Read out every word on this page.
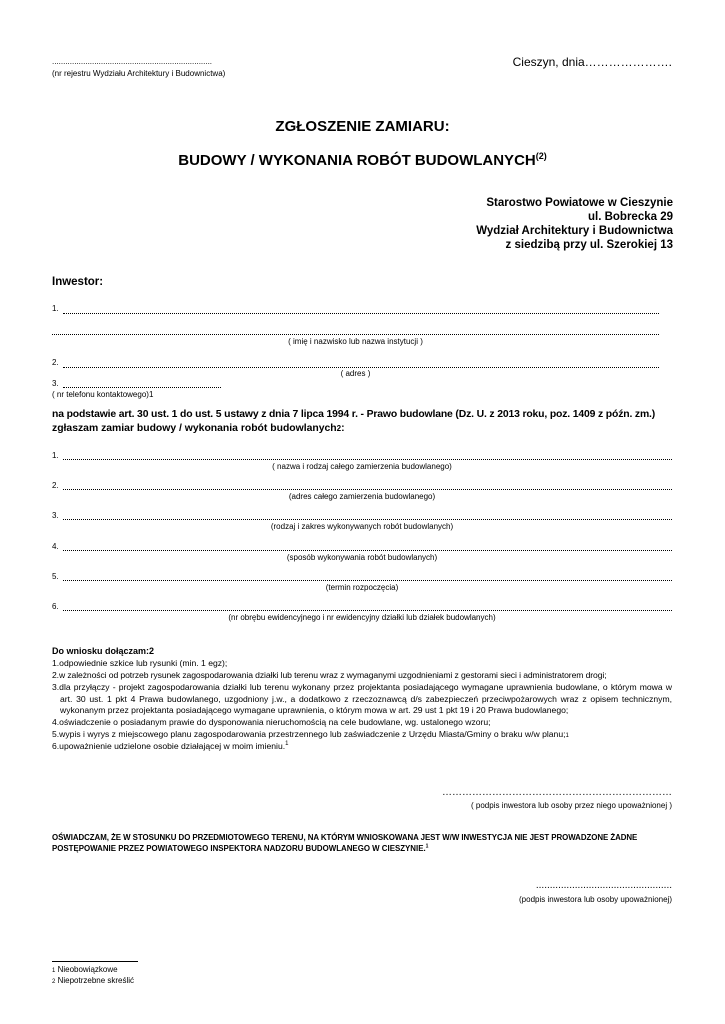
........................................................................
(nr rejestru Wydziału Architektury i Budownictwa)
Cieszyn, dnia………………….
ZGŁOSZENIE ZAMIARU:
BUDOWY / WYKONANIA ROBÓT BUDOWLANYCH$^{(2)}$
Starostwo Powiatowe w Cieszynie
ul. Bobrecka 29
Wydział Architektury i Budownictwa
z siedzibą przy ul. Szerokiej 13
Inwestor:
1.
( imię i nazwisko lub nazwa instytucji )
2.
( adres )
3.
( nr telefonu kontaktowego)1
na podstawie art. 30 ust. 1 do ust. 5 ustawy z dnia 7 lipca 1994 r. - Prawo budowlane (Dz. U. z 2013 roku, poz. 1409 z późn. zm.)
zgłaszam zamiar budowy / wykonania robót budowlanych2:
1.
( nazwa i rodzaj całego zamierzenia budowlanego)
2.
(adres całego zamierzenia budowlanego)
3.
(rodzaj i zakres wykonywanych robót budowlanych)
4.
(sposób wykonywania robót budowlanych)
5.
(termin rozpoczęcia)
6.
(nr obrębu ewidencyjnego i nr ewidencyjny działki lub działek budowlanych)
Do wniosku dołączam:2
1.odpowiednie szkice lub rysunki (min. 1 egz);
2.w zależności od potrzeb rysunek zagospodarowania działki lub terenu wraz z wymaganymi uzgodnieniami z gestorami sieci i administratorem drogi;
3.dla przyłączy - projekt zagospodarowania działki lub terenu wykonany przez projektanta posiadającego wymagane uprawnienia budowlane, o którym mowa w art. 30 ust. 1 pkt 4 Prawa budowlanego, uzgodniony j.w., a dodatkowo z rzeczoznawcą d/s zabezpieczeń przeciwpożarowych wraz z opisem technicznym, wykonanym przez projektanta posiadającego wymagane uprawnienia, o którym mowa w art. 29 ust 1 pkt 19 i 20 Prawa budowlanego;
4.oświadczenie o posiadanym prawie do dysponowania nieruchomością na cele budowlane, wg. ustalonego wzoru;
5.wypis i wyrys z miejscowego planu zagospodarowania przestrzennego lub zaświadczenie z Urzędu Miasta/Gminy o braku w/w planu;1
6.upoważnienie udzielone osobie działającej w moim imieniu.$^1$
……………………………………………………………
( podpis inwestora lub osoby przez niego upoważnionej )
OŚWIADCZAM, ŻE W STOSUNKU DO PRZEDMIOTOWEGO TERENU, NA KTÓRYM WNIOSKOWANA JEST W/W INWESTYCJA NIE JEST PROWADZONE ŻADNE
POSTĘPOWANIE PRZEZ POWIATOWEGO INSPEKTORA NADZORU BUDOWLANEGO W CIESZYNIE.$^1$
.................................................
(podpis inwestora lub osoby upoważnionej)
1 Nieobowiązkowe
2 Niepotrzebne skreślić
